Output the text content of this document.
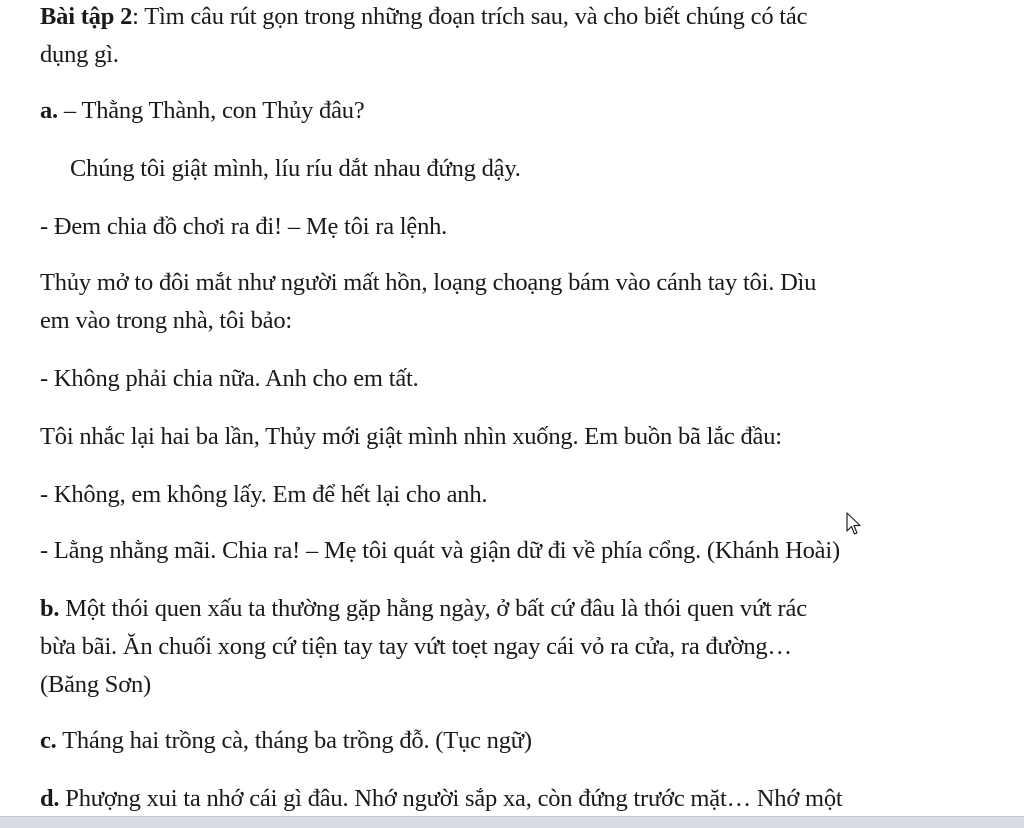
Bài tập 2: Tìm câu rút gọn trong những đoạn trích sau, và cho biết chúng có tác
dụng gì.
a. – Thằng Thành, con Thủy đâu?
Chúng tôi giật mình, líu ríu dắt nhau đứng dậy.
- Đem chia đồ chơi ra đi! – Mẹ tôi ra lệnh.
Thủy mở to đôi mắt như người mất hồn, loạng choạng bám vào cánh tay tôi. Dìu
em vào trong nhà, tôi bảo:
- Không phải chia nữa. Anh cho em tất.
Tôi nhắc lại hai ba lần, Thủy mới giật mình nhìn xuống. Em buồn bã lắc đầu:
- Không, em không lấy. Em để hết lại cho anh.
- Lằng nhằng mãi. Chia ra! – Mẹ tôi quát và giận dữ đi về phía cổng. (Khánh Hoài)
b. Một thói quen xấu ta thường gặp hằng ngày, ở bất cứ đâu là thói quen vứt rác
bừa bãi. Ăn chuối xong cứ tiện tay tay vứt toẹt ngay cái vỏ ra cửa, ra đường…
(Băng Sơn)
c. Tháng hai trồng cà, tháng ba trồng đỗ. (Tục ngữ)
d. Phượng xui ta nhớ cái gì đâu. Nhớ người sắp xa, còn đứng trước mặt… Nhớ một
